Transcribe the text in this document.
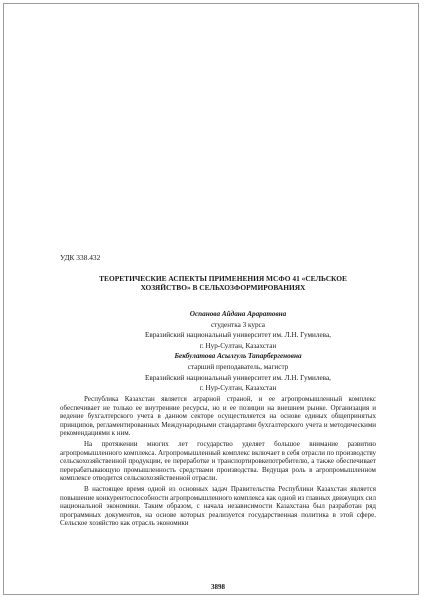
УДК 338.432
ТЕОРЕТИЧЕСКИЕ АСПЕКТЫ ПРИМЕНЕНИЯ МСФО 41 «СЕЛЬСКОЕ
ХОЗЯЙСТВО» В СЕЛЬХОЗФОРМИРОВАНИЯХ
Оспанова Айдана Араратовна
студентка 3 курса
Евразийский национальный университет им. Л.Н. Гумилева,
г. Нур-Султан, Казахстан
Бекбулатова Асылгуль Тапарбергеновна
старший преподаватель, магистр
Евразийский национальный университет им. Л.Н. Гумилева,
г. Нур-Султан, Казахстан

Республика Казахстан является аграрной страной, и ее агропромышленный комплекс обеспечивает не только ее внутренние ресурсы, но и ее позиции на внешнем рынке. Организация и ведение бухгалтерского учета в данном секторе осуществляется на основе единых общепринятых принципов, регламентированных Международными стандартами бухгалтерского учета и методическими рекомендациями к ним.

На протяжении многих лет государство уделяет большое внимание развитию агропромышленного комплекса. Агропромышленный комплекс включает в себя отрасли по производству сельскохозяйственной продукции, ее переработке и транспортировкепотребителю, а также обеспечивает перерабатывающую промышленность средствами производства. Ведущая роль в агропромышленном комплексе отводится сельскохозяйственной отрасли.

В настоящее время одной из основных задач Правительства Республики Казахстан является повышение конкурентоспособности агропромышленного комплекса как одной из главных движущих сил национальной экономики. Таким образом, с начала независимости Казахстана был разработан ряд программных документов, на основе которых реализуется государственная политика в этой сфере. Сельское хозяйство как отрасль экономики

3898
